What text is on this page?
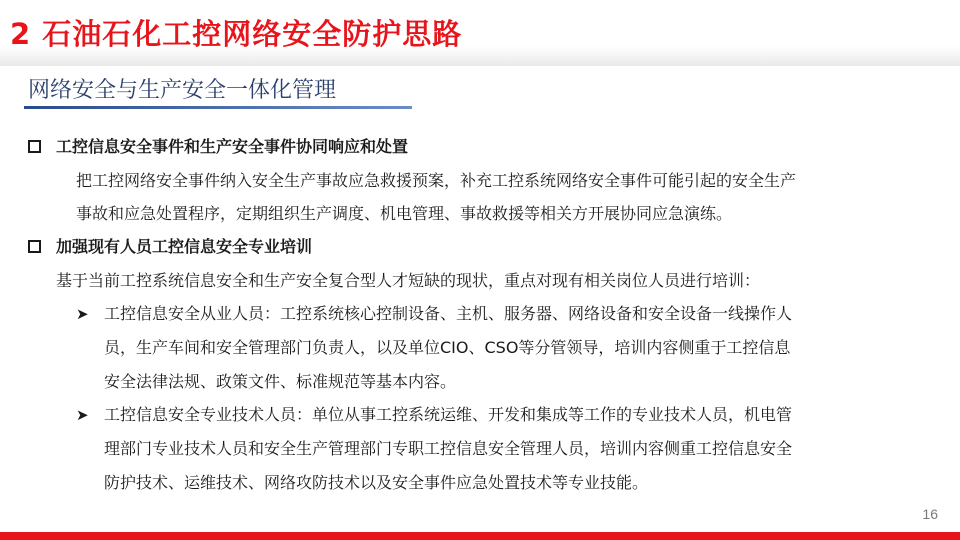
2 石油石化工控网络安全防护思路
网络安全与生产安全一体化管理
工控信息安全事件和生产安全事件协同响应和处置
把工控网络安全事件纳入安全生产事故应急救援预案，补充工控系统网络安全事件可能引起的安全生产
事故和应急处置程序，定期组织生产调度、机电管理、事故救援等相关方开展协同应急演练。
加强现有人员工控信息安全专业培训
基于当前工控系统信息安全和生产安全复合型人才短缺的现状，重点对现有相关岗位人员进行培训：
➤ 工控信息安全从业人员：工控系统核心控制设备、主机、服务器、网络设备和安全设备一线操作人
员，生产车间和安全管理部门负责人，以及单位CIO、CSO等分管领导，培训内容侧重于工控信息
安全法律法规、政策文件、标准规范等基本内容。
➤ 工控信息安全专业技术人员：单位从事工控系统运维、开发和集成等工作的专业技术人员，机电管
理部门专业技术人员和安全生产管理部门专职工控信息安全管理人员，培训内容侧重工控信息安全
防护技术、运维技术、网络攻防技术以及安全事件应急处置技术等专业技能。
16
